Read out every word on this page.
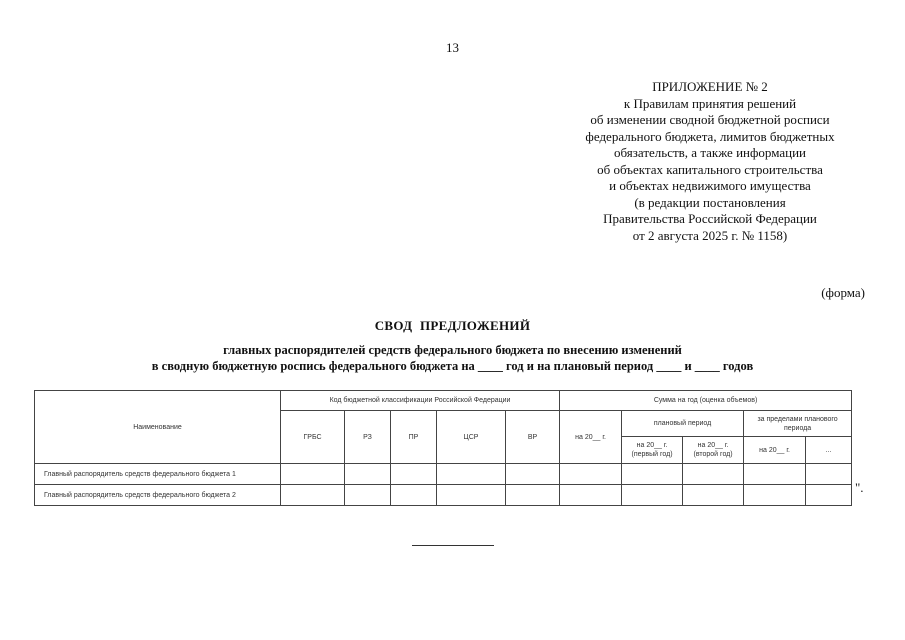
13
ПРИЛОЖЕНИЕ № 2
к Правилам принятия решений
об изменении сводной бюджетной росписи
федерального бюджета, лимитов бюджетных
обязательств, а также информации
об объектах капитального строительства
и объектах недвижимого имущества
(в редакции постановления
Правительства Российской Федерации
от 2 августа 2025 г. № 1158)
(форма)
СВОД ПРЕДЛОЖЕНИЙ
главных распорядителей средств федерального бюджета по внесению изменений
в сводную бюджетную роспись федерального бюджета на ____ год и на плановый период ____ и ____ годов
Наименование	Код бюджетной классификации Российской Федерации					Сумма на год (оценка объемов)				
	ГРБС	РЗ	ПР	ЦСР	ВР	на 20__ г.	плановый период		за пределами планового периода	
							на 20__ г. (первый год)	на 20__ г. (второй год)	на 20__ г.	...
Главный распорядитель средств федерального бюджета 1										
Главный распорядитель средств федерального бюджета 2											".
